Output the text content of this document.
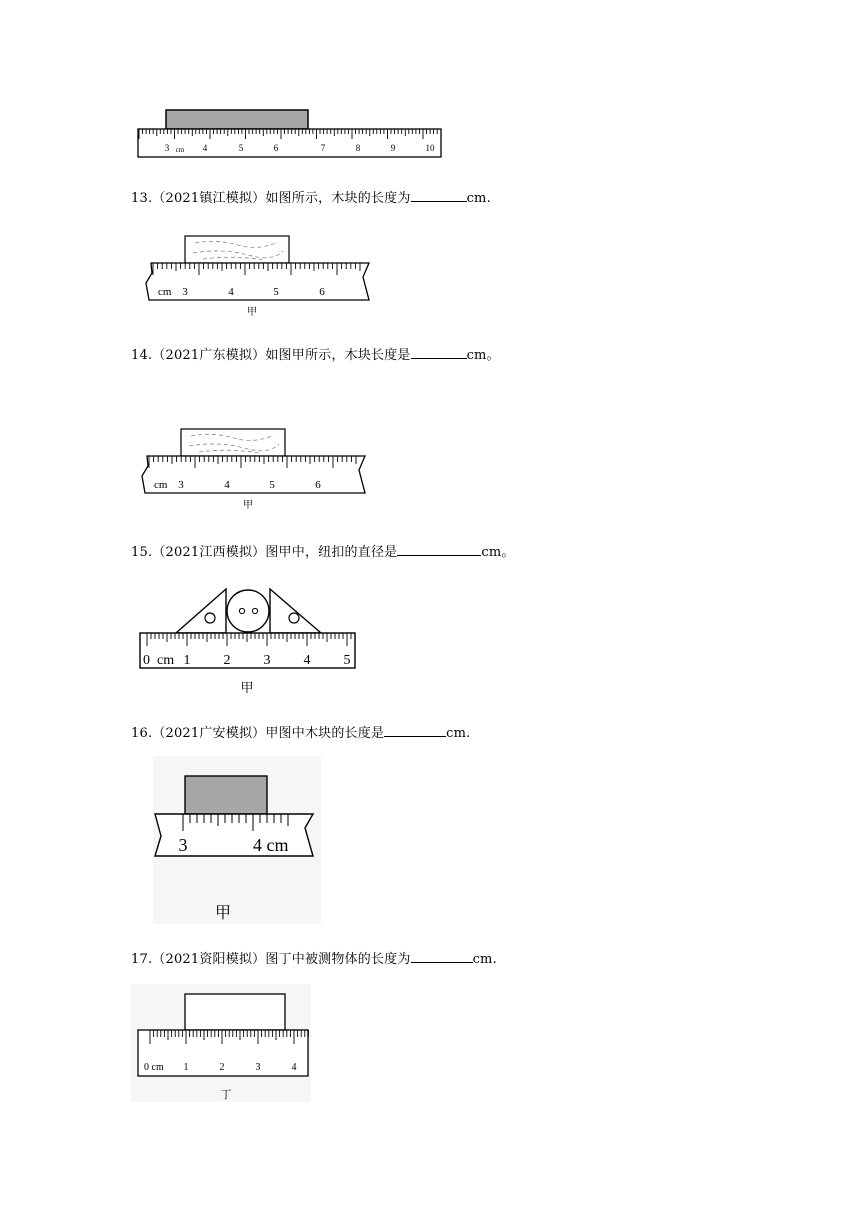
3 cm 4	5	6	7	8	9	10
13.（2021镇江模拟）如图所示，木块的长度为	cm.
cm 3	4	5	6
甲
14.（2021广东模拟）如图甲所示，木块长度是	cm。
cm 3	4	5	6
甲
15.（2021江西模拟）图甲中，纽扣的直径是	cm。
0 cm 1 2 3 4 5
甲
16.（2021广安模拟）甲图中木块的长度是	cm.
3	4 cm
甲
17.（2021资阳模拟）图丁中被测物体的长度为	cm.
0 cm 1	2	3	4
丁
